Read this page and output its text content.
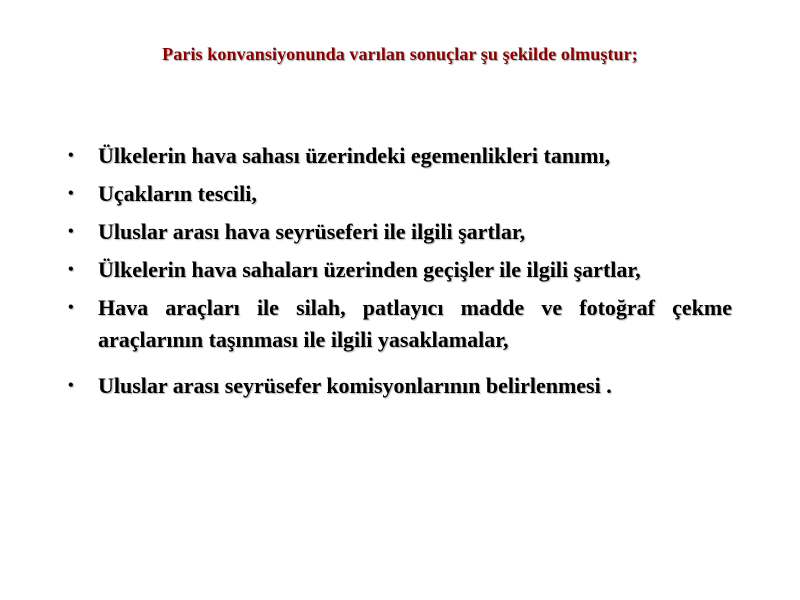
Paris konvansiyonunda varılan sonuçlar şu şekilde olmuştur;
• Ülkelerin hava sahası üzerindeki egemenlikleri tanımı,
• Uçakların tescili,
• Uluslar arası hava seyrüseferi ile ilgili şartlar,
• Ülkelerin hava sahaları üzerinden geçişler ile ilgili şartlar,
• Hava araçları ile silah, patlayıcı madde ve fotoğraf çekme araçlarının taşınması ile ilgili yasaklamalar,
• Uluslar arası seyrüsefer komisyonlarının belirlenmesi .
